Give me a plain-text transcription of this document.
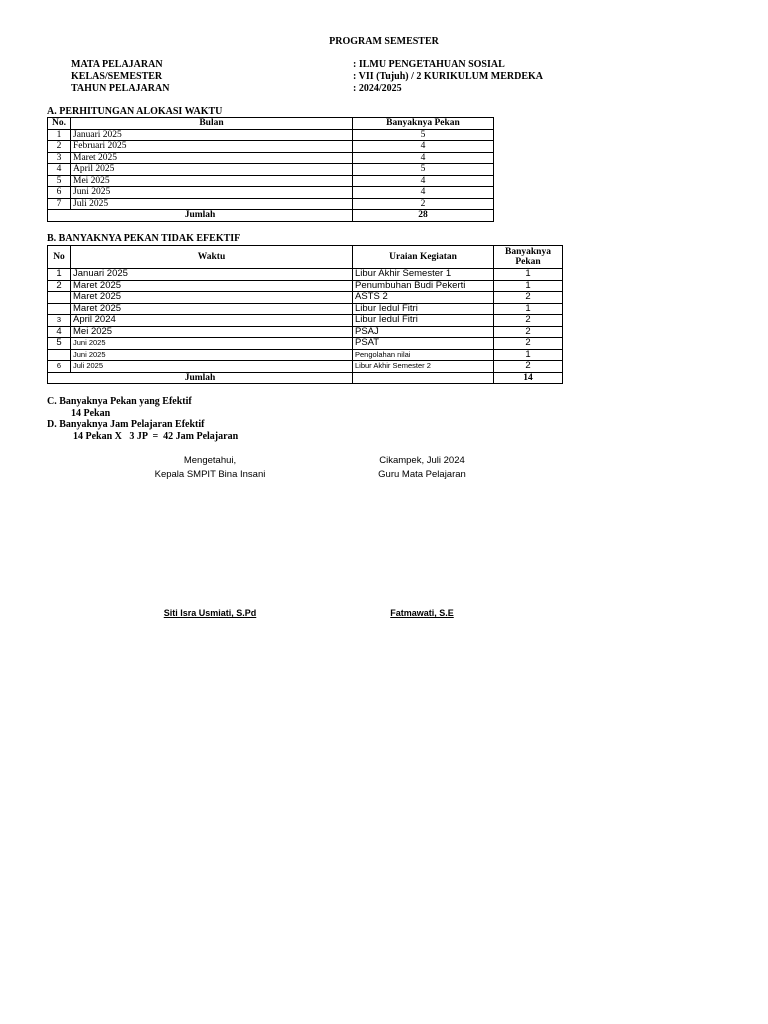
PROGRAM SEMESTER
MATA PELAJARAN	: ILMU PENGETAHUAN SOSIAL
KELAS/SEMESTER	: VII (Tujuh) / 2 KURIKULUM MERDEKA
TAHUN PELAJARAN	: 2024/2025
A. PERHITUNGAN ALOKASI WAKTU
No.	Bulan	Banyaknya Pekan
1	Januari 2025	5
2	Februari 2025	4
3	Maret 2025	4
4	April 2025	5
5	Mei 2025	4
6	Juni 2025	4
7	Juli 2025	2
Jumlah		28
B. BANYAKNYA PEKAN TIDAK EFEKTIF
No	Waktu	Uraian Kegiatan	Banyaknya Pekan
1	Januari 2025	Libur Akhir Semester 1	1
2	Maret 2025	Penumbuhan Budi Pekerti	1
	Maret 2025	ASTS 2	2
	Maret 2025	Libur Iedul Fitri	1
3	April 2024	Libur Iedul Fitri	2
4	Mei 2025	PSAJ	2
5	Juni 2025	PSAT	2
	Juni 2025	Pengolahan nilai	1
6	Juli 2025	Libur Akhir Semester 2	2
Jumlah			14
C. Banyaknya Pekan yang Efektif
14 Pekan
D. Banyaknya Jam Pelajaran Efektif
14 Pekan X   3 JP  =  42 Jam Pelajaran
Mengetahui,
Kepala SMPIT Bina Insani
Cikampek, Juli 2024
Guru Mata Pelajaran
Siti Isra Usmiati, S.Pd	Fatmawati, S.E
